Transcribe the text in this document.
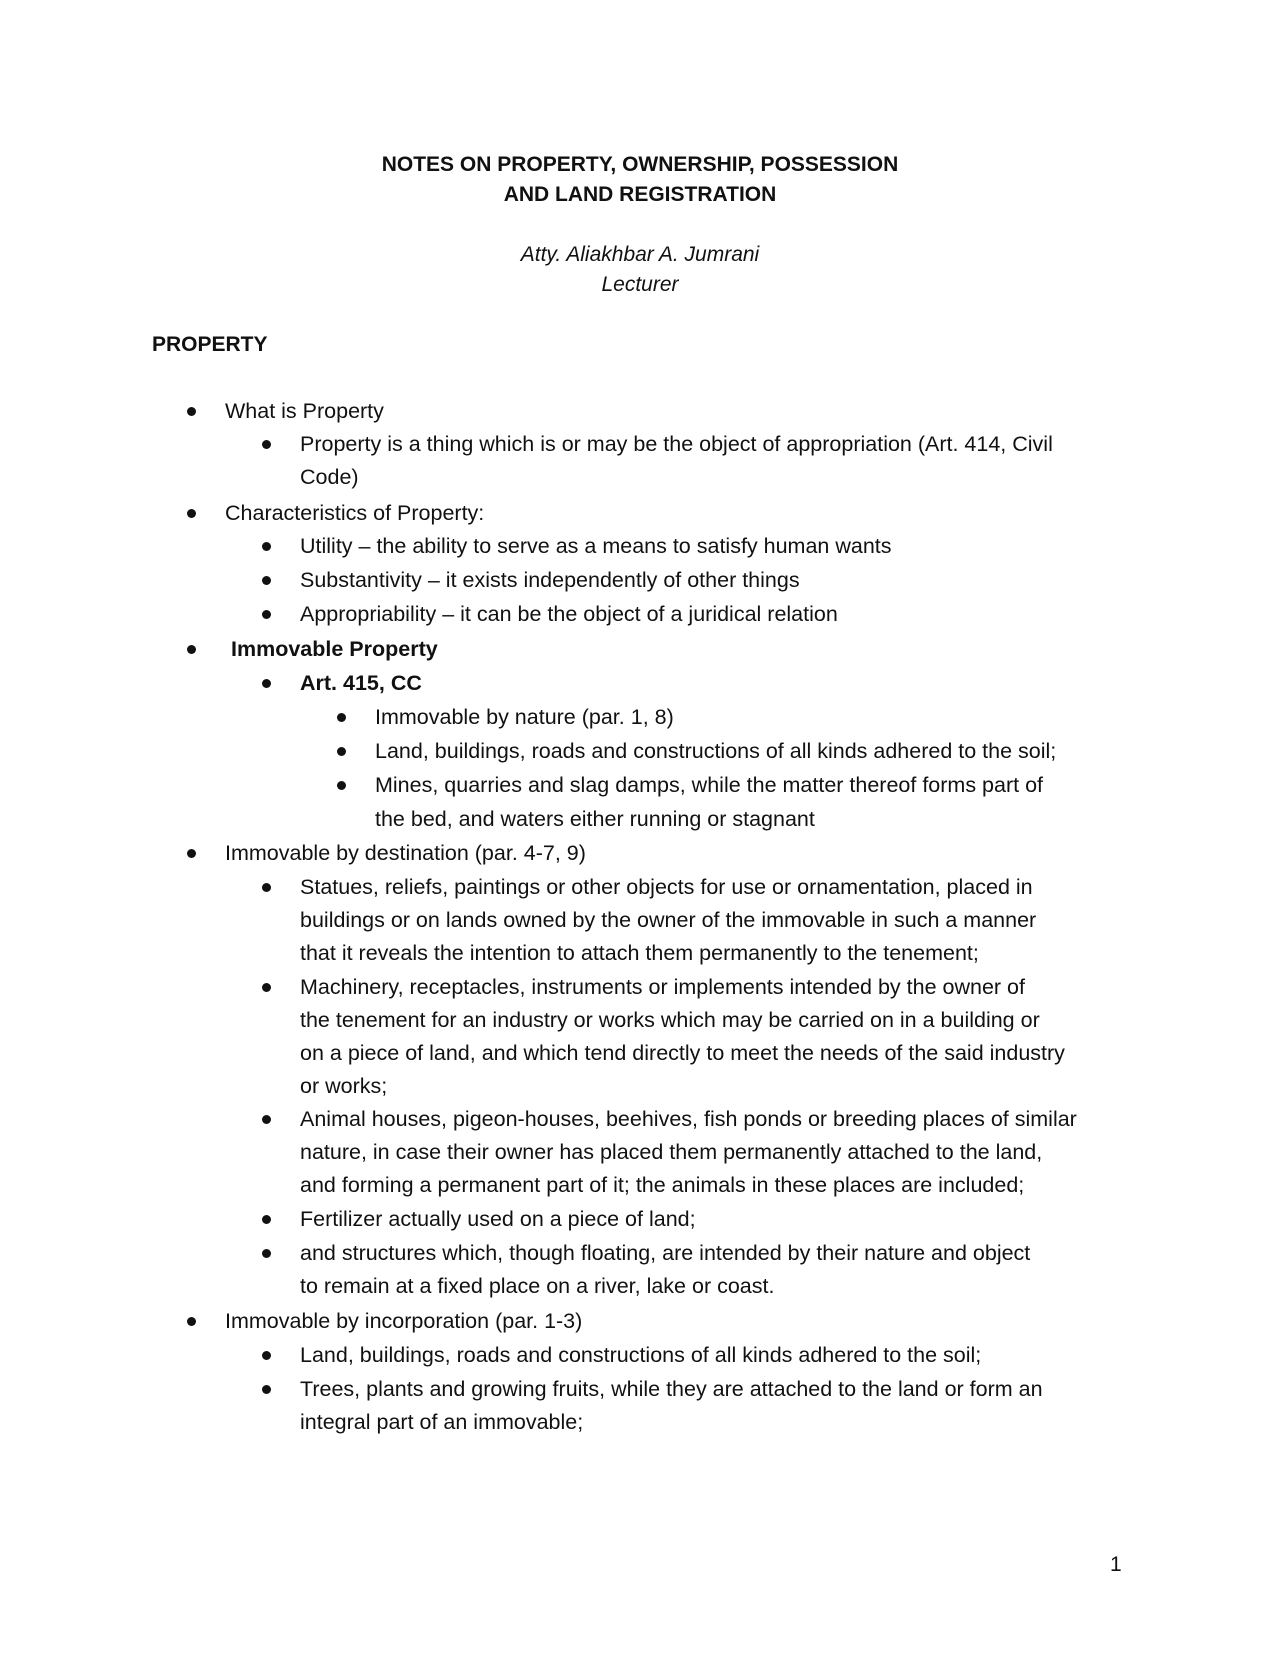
NOTES ON PROPERTY, OWNERSHIP, POSSESSION
AND LAND REGISTRATION
Atty. Aliakhbar A. Jumrani
Lecturer
PROPERTY
What is Property
Property is a thing which is or may be the object of appropriation (Art. 414, Civil
Code)
Characteristics of Property:
Utility – the ability to serve as a means to satisfy human wants
Substantivity – it exists independently of other things
Appropriability – it can be the object of a juridical relation
Immovable Property
Art. 415, CC
Immovable by nature (par. 1, 8)
Land, buildings, roads and constructions of all kinds adhered to the soil;
Mines, quarries and slag damps, while the matter thereof forms part of
the bed, and waters either running or stagnant
Immovable by destination (par. 4-7, 9)
Statues, reliefs, paintings or other objects for use or ornamentation, placed in
buildings or on lands owned by the owner of the immovable in such a manner
that it reveals the intention to attach them permanently to the tenement;
Machinery, receptacles, instruments or implements intended by the owner of
the tenement for an industry or works which may be carried on in a building or
on a piece of land, and which tend directly to meet the needs of the said industry
or works;
Animal houses, pigeon-houses, beehives, fish ponds or breeding places of similar
nature, in case their owner has placed them permanently attached to the land,
and forming a permanent part of it; the animals in these places are included;
Fertilizer actually used on a piece of land;
and structures which, though floating, are intended by their nature and object
to remain at a fixed place on a river, lake or coast.
Immovable by incorporation (par. 1-3)
Land, buildings, roads and constructions of all kinds adhered to the soil;
Trees, plants and growing fruits, while they are attached to the land or form an
integral part of an immovable;
1
